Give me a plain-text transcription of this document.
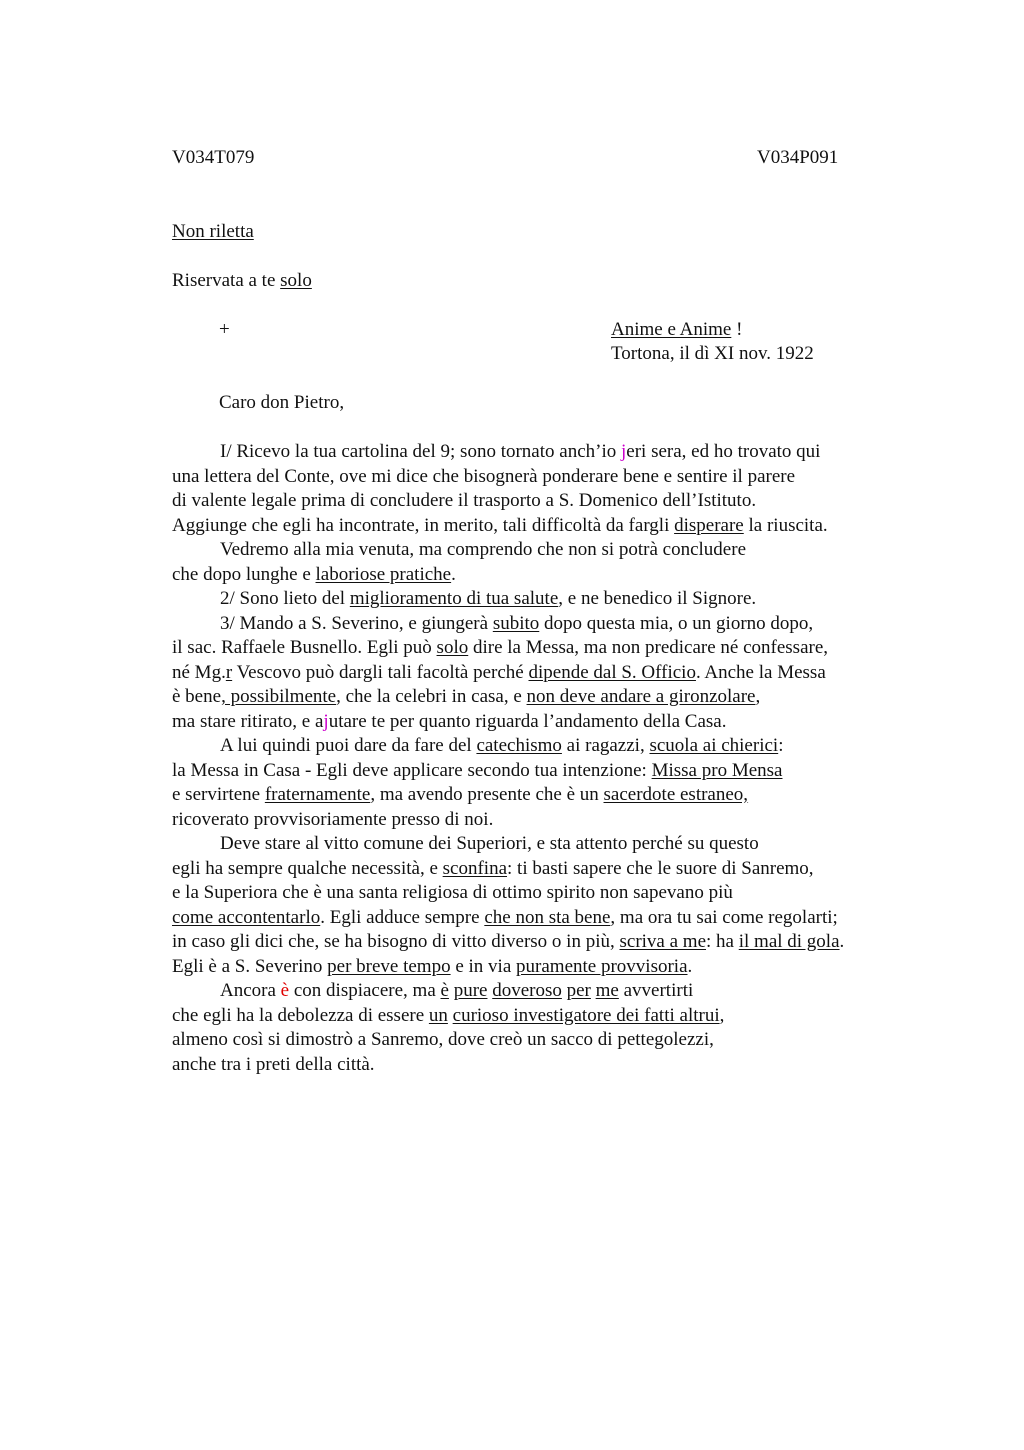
V034T079	V034P091
Non riletta
Riservata a te solo
+	Anime e Anime !
Tortona, il dì XI nov. 1922
Caro don Pietro,
I/ Ricevo la tua cartolina del 9; sono tornato anch’io jeri sera, ed ho trovato qui
una lettera del Conte, ove mi dice che bisognerà ponderare bene e sentire il parere
di valente legale prima di concludere il trasporto a S. Domenico dell’Istituto.
Aggiunge che egli ha incontrate, in merito, tali difficoltà da fargli disperare la riuscita.
Vedremo alla mia venuta, ma comprendo che non si potrà concludere
che dopo lunghe e laboriose pratiche.
2/ Sono lieto del miglioramento di tua salute, e ne benedico il Signore.
3/ Mando a S. Severino, e giungerà subito dopo questa mia, o un giorno dopo,
il sac. Raffaele Busnello. Egli può solo dire la Messa, ma non predicare né confessare,
né Mg.r Vescovo può dargli tali facoltà perché dipende dal S. Officio. Anche la Messa
è bene, possibilmente, che la celebri in casa, e non deve andare a gironzolare,
ma stare ritirato, e ajutare te per quanto riguarda l’andamento della Casa.
A lui quindi puoi dare da fare del catechismo ai ragazzi, scuola ai chierici:
la Messa in Casa - Egli deve applicare secondo tua intenzione: Missa pro Mensa
e servirtene fraternamente, ma avendo presente che è un sacerdote estraneo,
ricoverato provvisoriamente presso di noi.
Deve stare al vitto comune dei Superiori, e sta attento perché su questo
egli ha sempre qualche necessità, e sconfina: ti basti sapere che le suore di Sanremo,
e la Superiora che è una santa religiosa di ottimo spirito non sapevano più
come accontentarlo. Egli adduce sempre che non sta bene, ma ora tu sai come regolarti;
in caso gli dici che, se ha bisogno di vitto diverso o in più, scriva a me: ha il mal di gola.
Egli è a S. Severino per breve tempo e in via puramente provvisoria.
Ancora è con dispiacere, ma è pure doveroso per me avvertirti
che egli ha la debolezza di essere un curioso investigatore dei fatti altrui,
almeno così si dimostrò a Sanremo, dove creò un sacco di pettegolezzi,
anche tra i preti della città.
